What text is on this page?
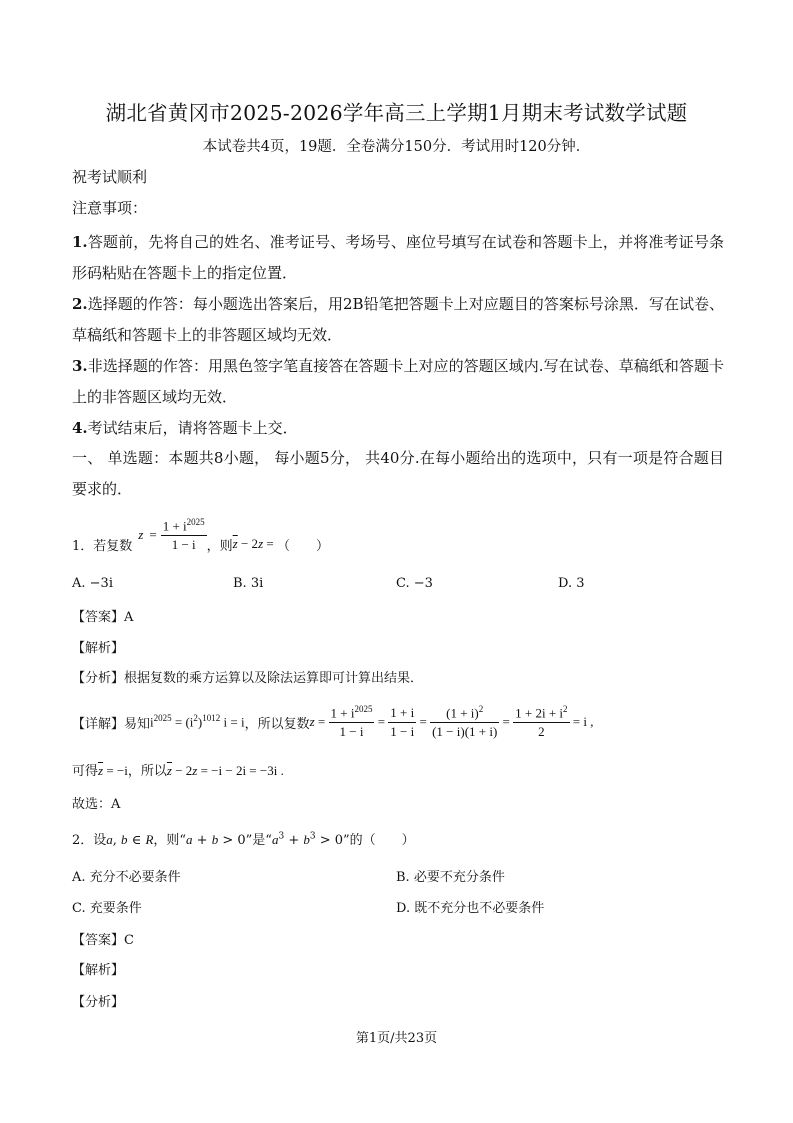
湖北省黄冈市2025-2026学年高三上学期1月期末考试数学试题
本试卷共4页，19题．全卷满分150分．考试用时120分钟．
祝考试顺利
注意事项：
1.答题前，先将自己的姓名、准考证号、考场号、座位号填写在试卷和答题卡上，并将准考证号条形码粘贴在答题卡上的指定位置．
2.选择题的作答：每小题选出答案后，用2B铅笔把答题卡上对应题目的答案标号涂黑．写在试卷、草稿纸和答题卡上的非答题区域均无效．
3.非选择题的作答：用黑色签字笔直接答在答题卡上对应的答题区域内.写在试卷、草稿纸和答题卡上的非答题区域均无效．
4.考试结束后，请将答题卡上交．
一、 单选题：本题共8小题， 每小题5分， 共40分.在每小题给出的选项中，只有一项是符合题目要求的．
1．若复数
$z = \frac{1 + i^{2025}}{1 - i}$ ，则 $\overline{z} - 2z$ = （　　）
A. −3i	B. 3i	C. −3	D. 3
【答案】A
【解析】
【分析】根据复数的乘方运算以及除法运算即可计算出结果．
【详解】易知 $i^{2025} = (i^2)^{1012}$ i = i ，所以复数 $z = \frac{1 + i^{2025}}{1 - i} = \frac{1 + i}{1 - i} = \frac{(1 + i)^2}{(1 - i)(1 + i)} = \frac{1 + 2i + i^2}{2} = i$ ,
可得$\overline{z} = -i$，所以$\overline{z} - 2z = -i - 2i = -3i$ .
故选：A
2．设a, b ∈ R，则“a + b > 0”是“$a^3 + b^3 > 0$”的（　　）
A. 充分不必要条件	B. 必要不充分条件
C. 充要条件	D. 既不充分也不必要条件
【答案】C
【解析】
【分析】
第1页/共23页
